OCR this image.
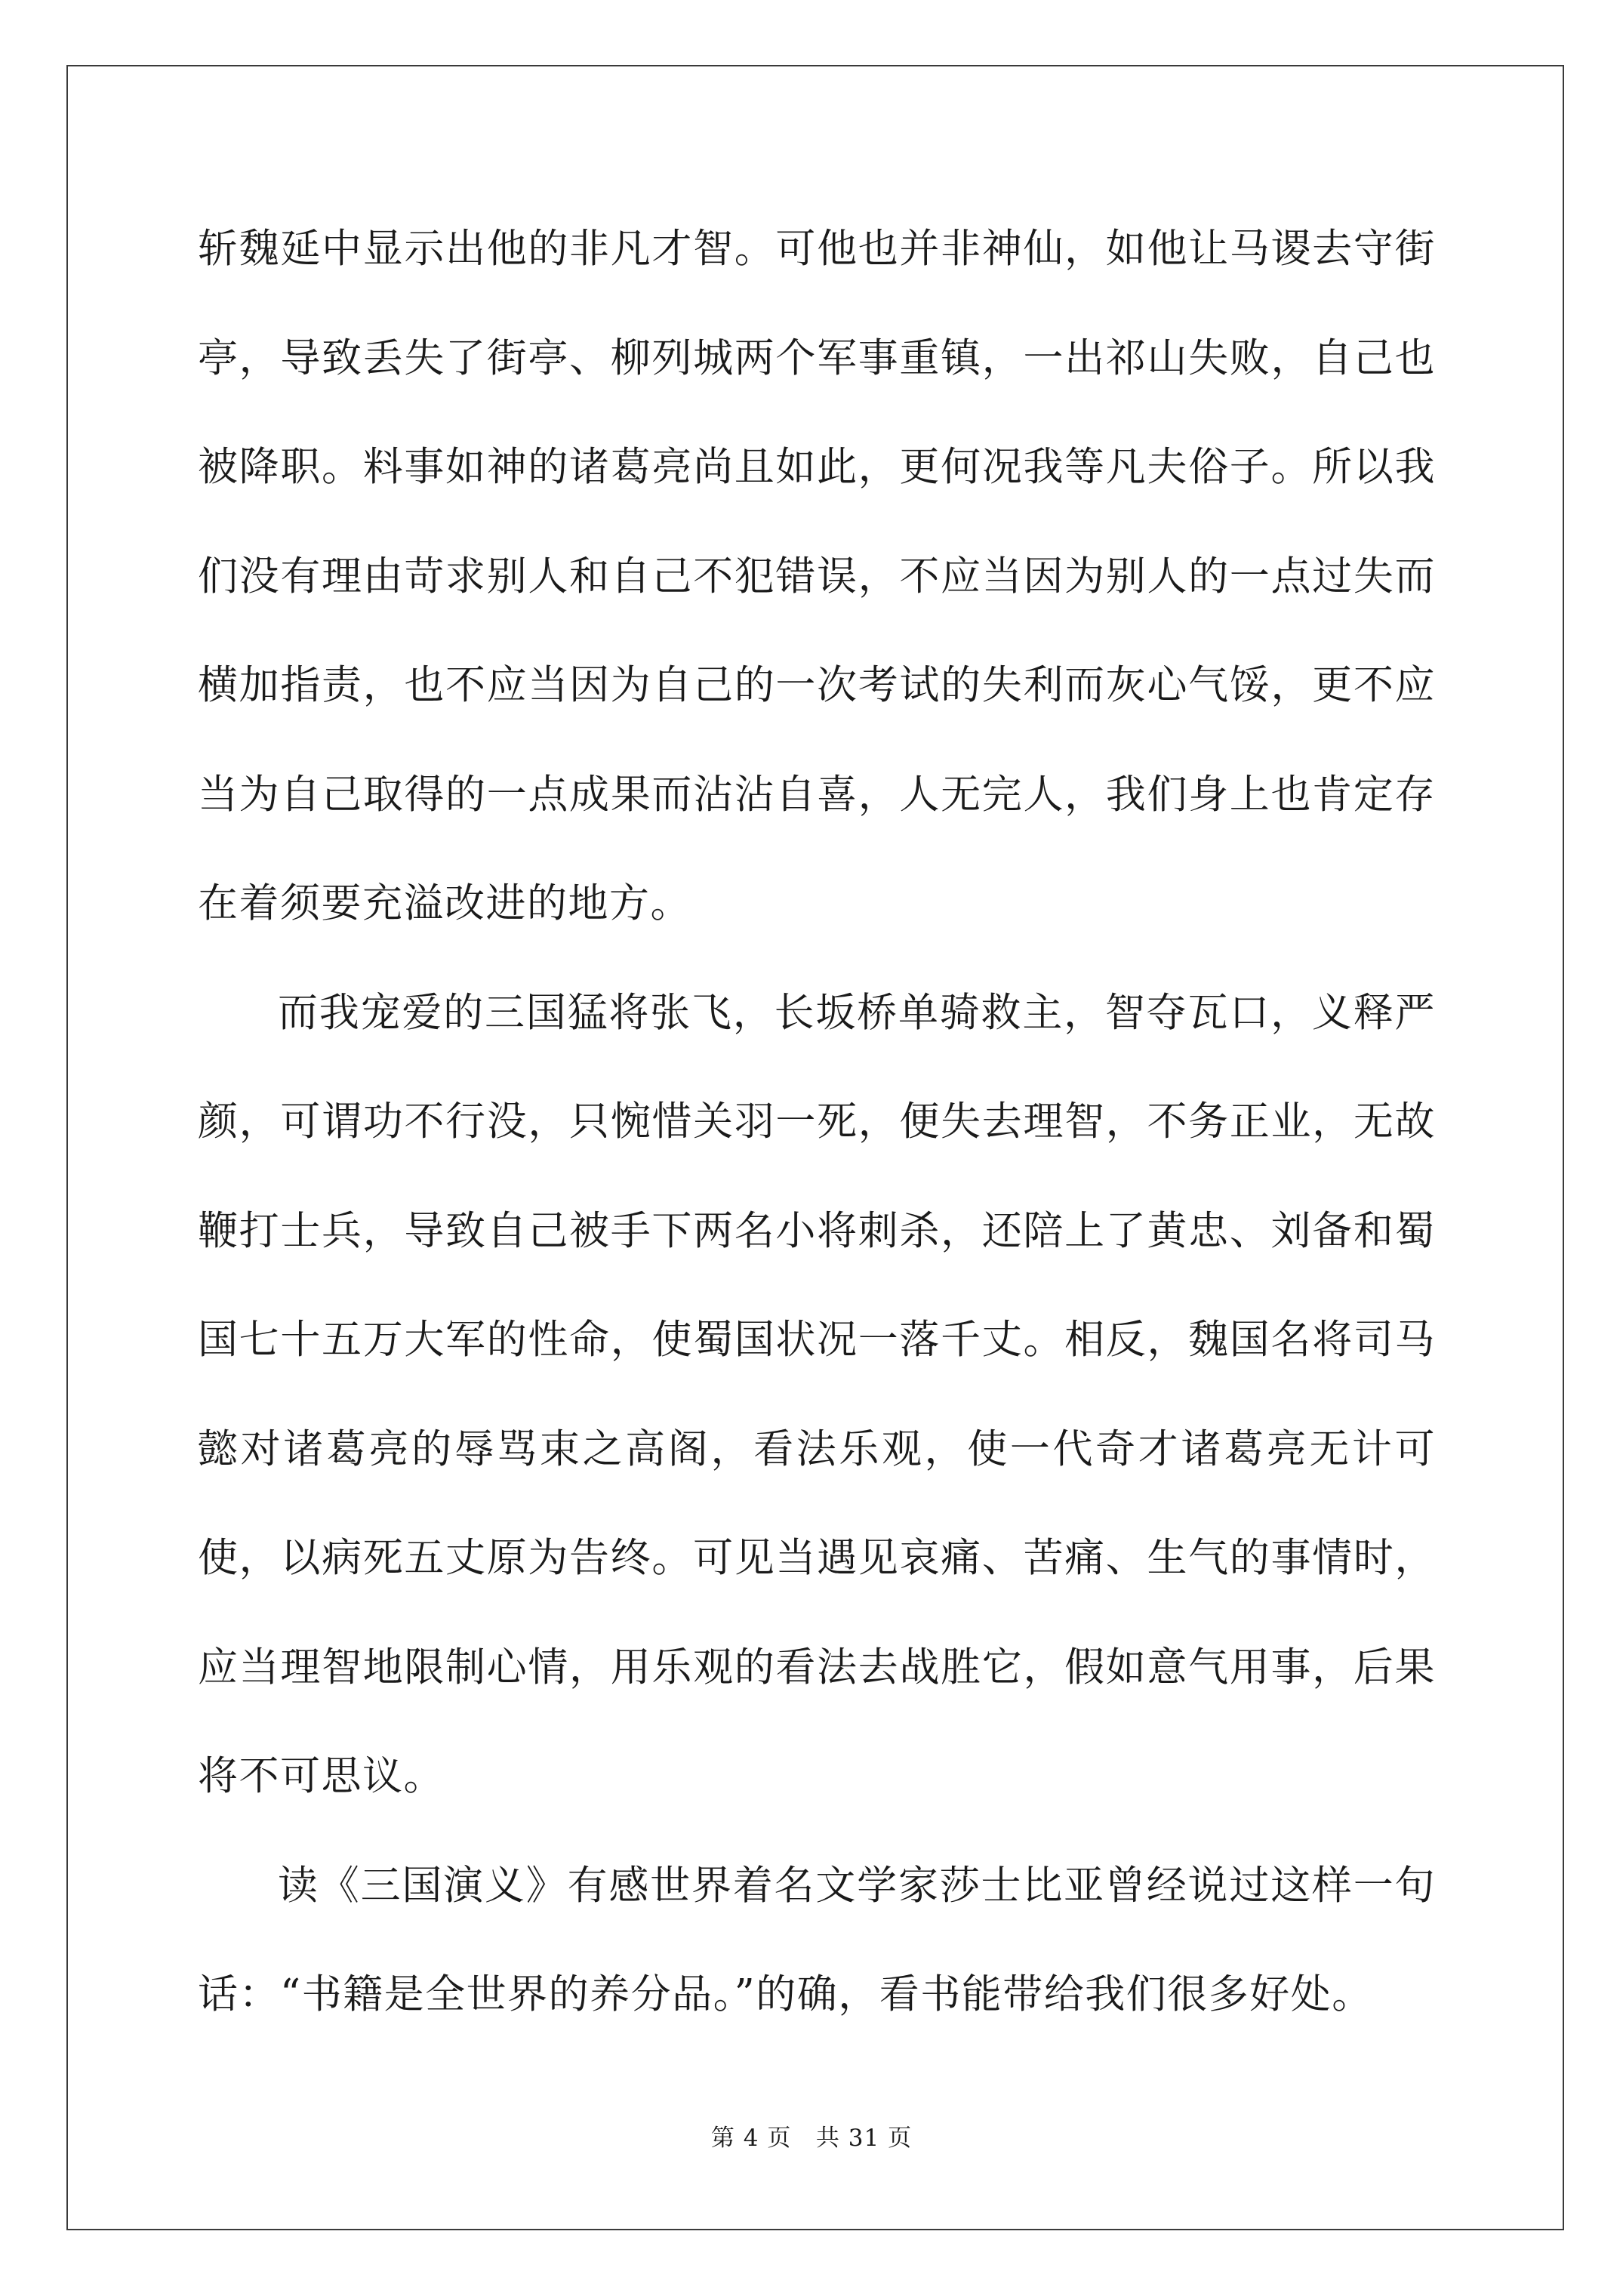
斩魏延中显示出他的非凡才智。可他也并非神仙，如他让马谡去守街亭，导致丢失了街亭、柳列城两个军事重镇，一出祁山失败，自己也被降职。料事如神的诸葛亮尚且如此，更何况我等凡夫俗子。所以我们没有理由苛求别人和自己不犯错误，不应当因为别人的一点过失而横加指责，也不应当因为自己的一次考试的失利而灰心气馁，更不应当为自己取得的一点成果而沾沾自喜，人无完人，我们身上也肯定存在着须要充溢改进的地方。

而我宠爱的三国猛将张飞，长坂桥单骑救主，智夺瓦口，义释严颜，可谓功不行没，只惋惜关羽一死，便失去理智，不务正业，无故鞭打士兵，导致自己被手下两名小将刺杀，还陪上了黄忠、刘备和蜀国七十五万大军的性命，使蜀国状况一落千丈。相反，魏国名将司马懿对诸葛亮的辱骂束之高阁，看法乐观，使一代奇才诸葛亮无计可使，以病死五丈原为告终。可见当遇见哀痛、苦痛、生气的事情时，应当理智地限制心情，用乐观的看法去战胜它，假如意气用事，后果将不可思议。

读《三国演义》有感世界着名文学家莎士比亚曾经说过这样一句话：“书籍是全世界的养分品。”的确，看书能带给我们很多好处。

第 4 页 共 31 页
